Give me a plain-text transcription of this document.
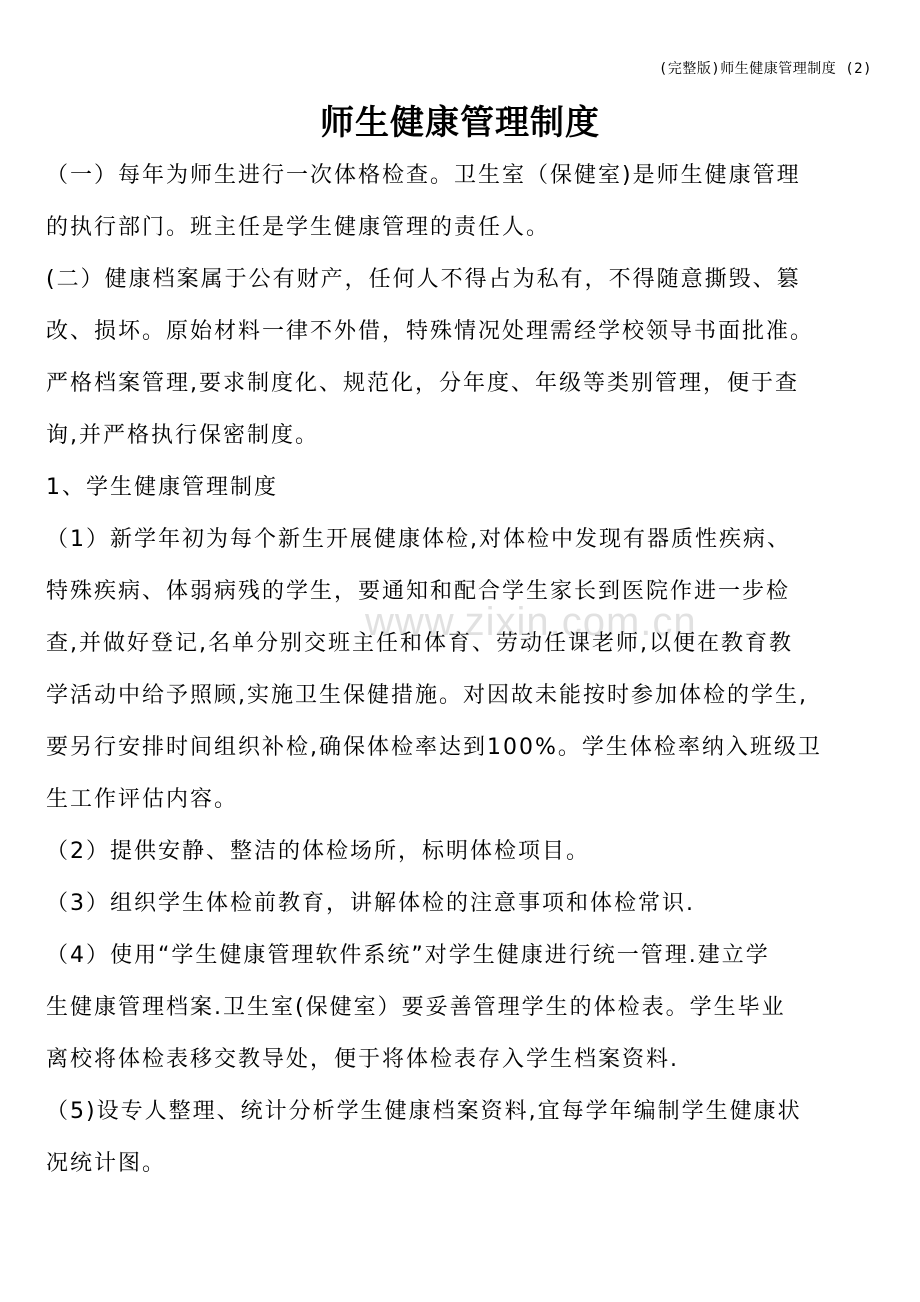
(完整版)师生健康管理制度 (2)
师生健康管理制度
www.zixin.com.cn
（一）每年为师生进行一次体格检查。卫生室（保健室)是师生健康管理
的执行部门。班主任是学生健康管理的责任人。
(二）健康档案属于公有财产，任何人不得占为私有，不得随意撕毁、篡
改、损坏。原始材料一律不外借，特殊情况处理需经学校领导书面批准。
严格档案管理,要求制度化、规范化，分年度、年级等类别管理，便于查
询,并严格执行保密制度。
1、学生健康管理制度
（1）新学年初为每个新生开展健康体检,对体检中发现有器质性疾病、
特殊疾病、体弱病残的学生，要通知和配合学生家长到医院作进一步检
查,并做好登记,名单分别交班主任和体育、劳动任课老师,以便在教育教
学活动中给予照顾,实施卫生保健措施。对因故未能按时参加体检的学生,
要另行安排时间组织补检,确保体检率达到100%。学生体检率纳入班级卫
生工作评估内容。
（2）提供安静、整洁的体检场所，标明体检项目。
（3）组织学生体检前教育，讲解体检的注意事项和体检常识.
（4）使用“学生健康管理软件系统”对学生健康进行统一管理.建立学
生健康管理档案.卫生室(保健室）要妥善管理学生的体检表。学生毕业
离校将体检表移交教导处，便于将体检表存入学生档案资料.
（5)设专人整理、统计分析学生健康档案资料,宜每学年编制学生健康状
况统计图。
